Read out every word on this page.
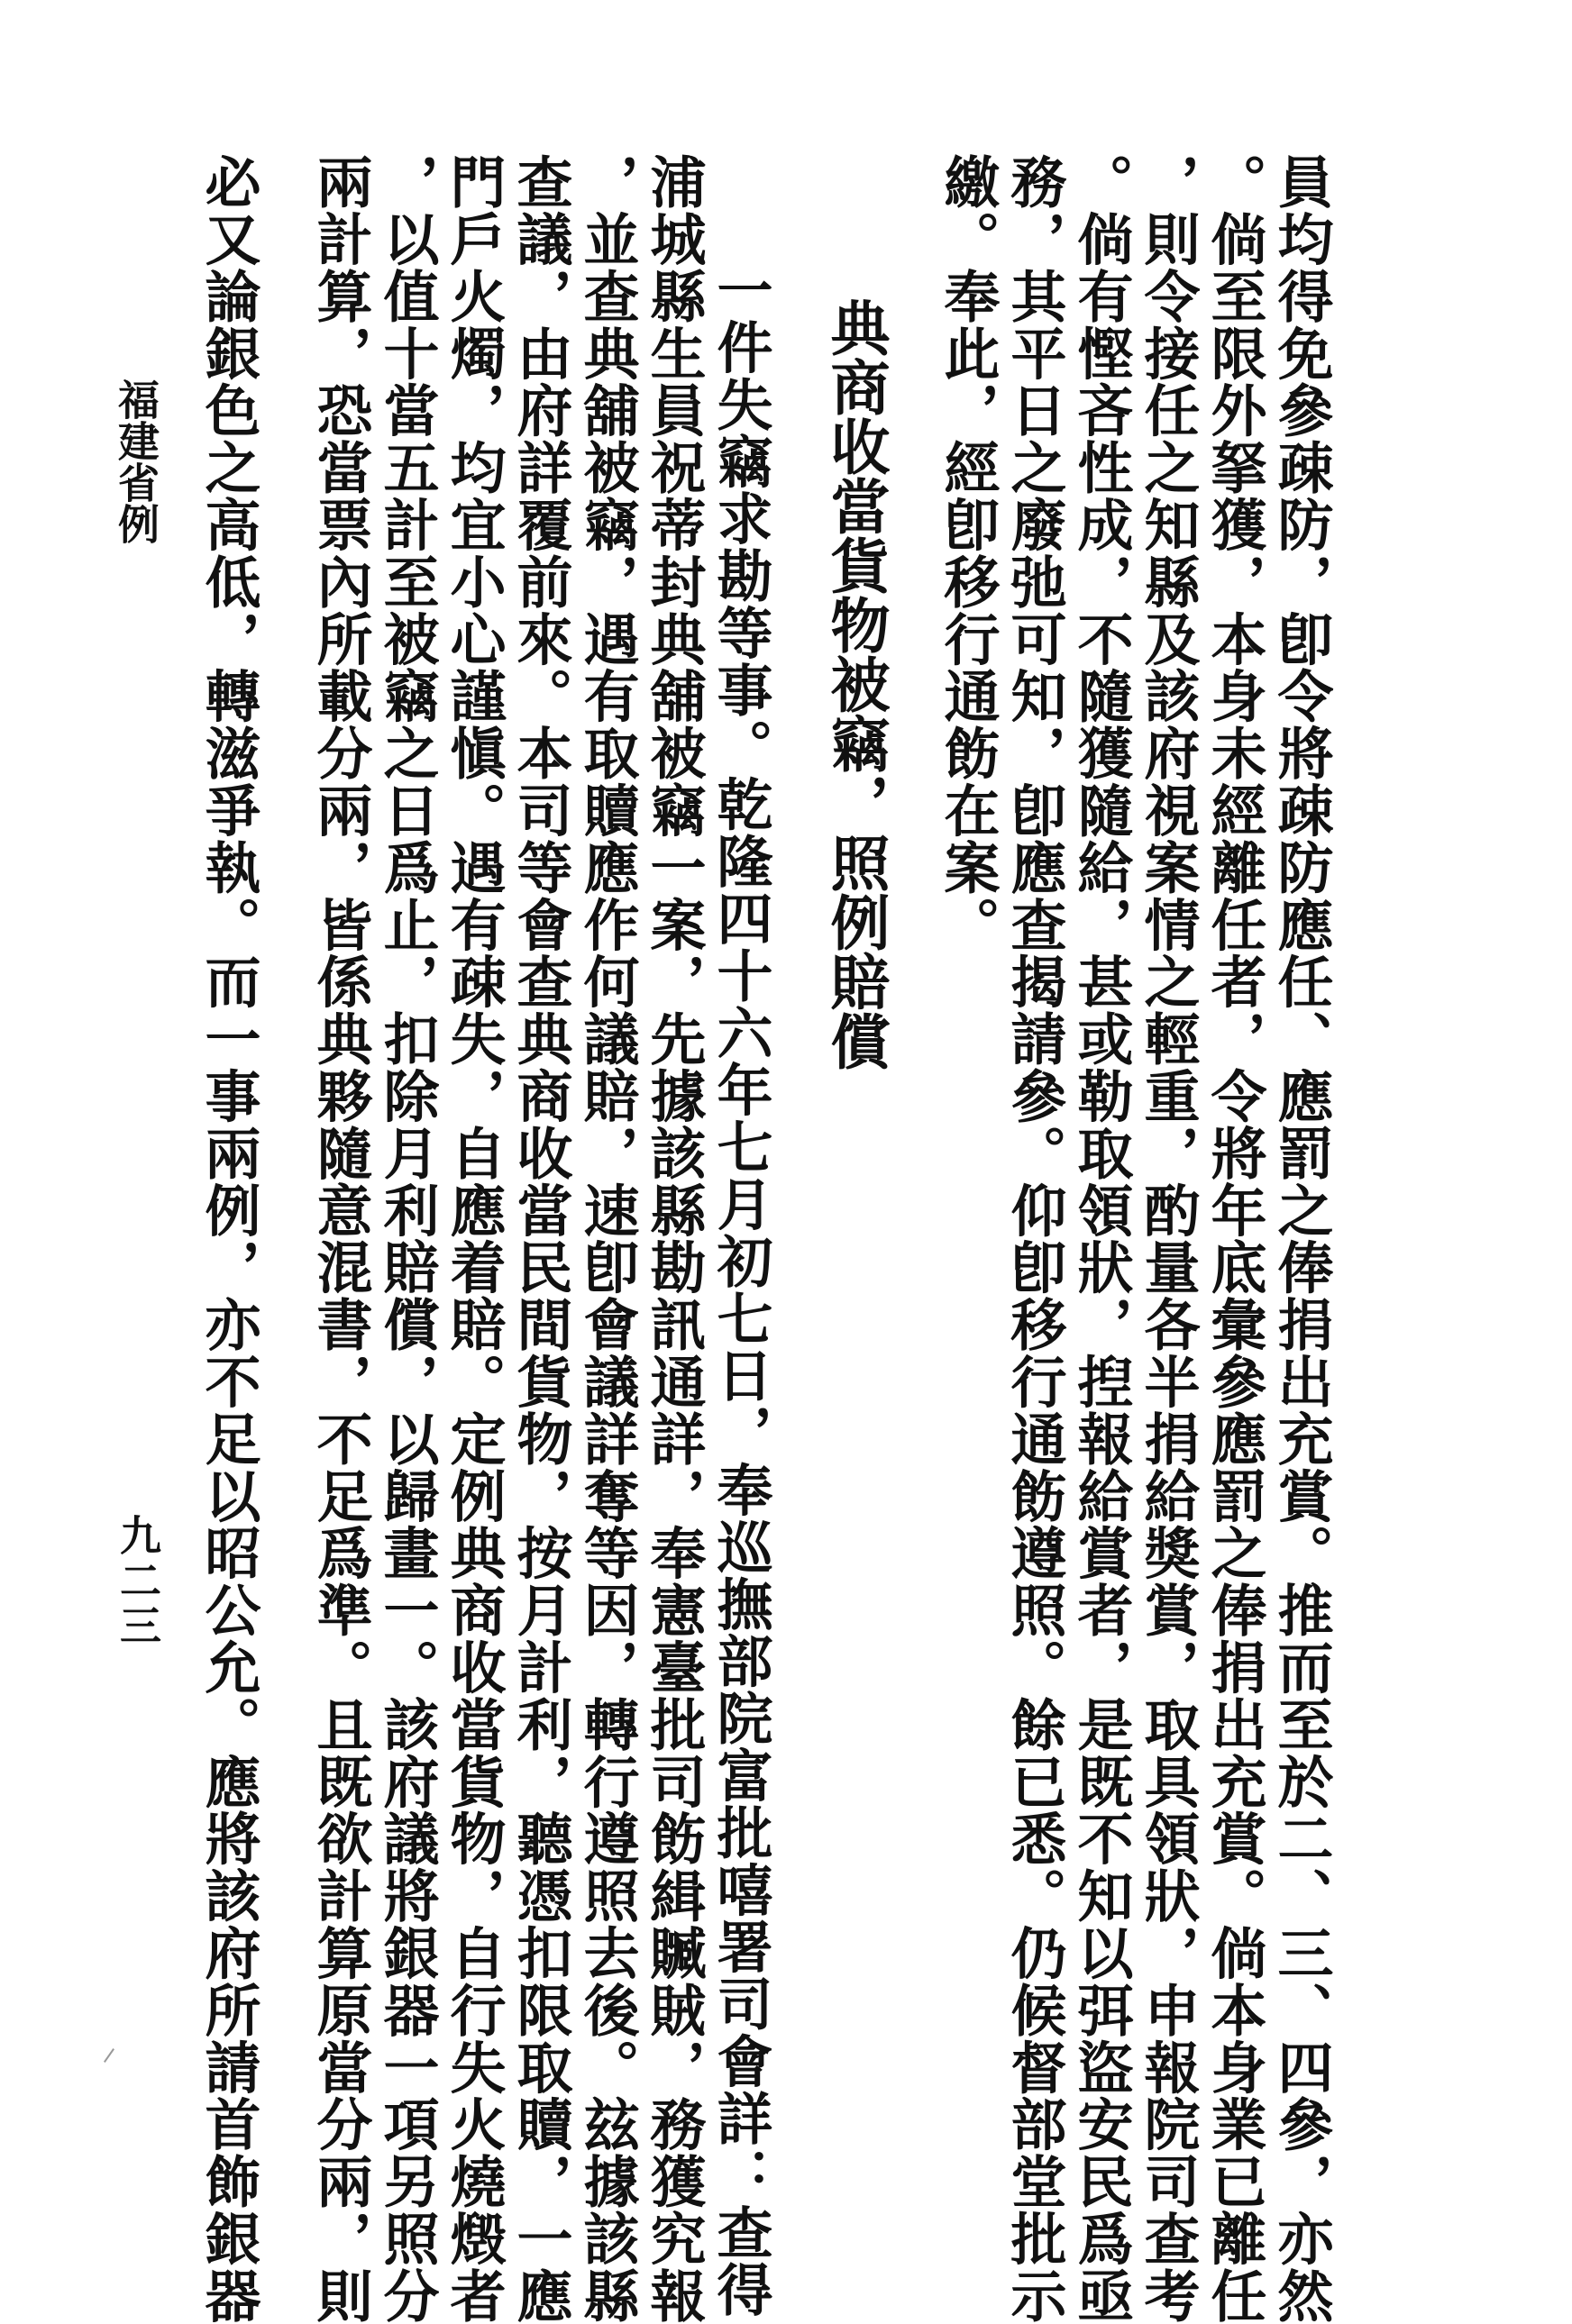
員均得免參疎防，卽令將疎防應任、應罰之俸捐出充賞。推而至於二、三、四參，亦然
。倘至限外拏獲，本身未經離任者，令將年底彙參應罰之俸捐出充賞。倘本身業已離任
，則令接任之知縣及該府視案情之輕重，酌量各半捐給獎賞，取具領狀，申報院司查考
。倘有慳吝性成，不隨獲隨給，甚或勒取領狀，揑報給賞者，是既不知以弭盜安民爲亟
務，其平日之廢弛可知，卽應查揭請參。仰卽移行通飭遵照。餘已悉。仍候督部堂批示
繳。奉此，經卽移行通飭在案。
典商收當貨物被竊，照例賠償
一件失竊求勘等事。乾隆四十六年七月初七日，奉巡撫部院富批嘻署司會詳：查得
浦城縣生員祝蒂封典舖被竊一案，先據該縣勘訊通詳，奉憲臺批司飭緝贓賊，務獲究報
，並查典舖被竊，遇有取贖應作何議賠，速卽會議詳奪等因，轉行遵照去後。玆據該縣
查議，由府詳覆前來。本司等會查典商收當民間貨物，按月計利，聽憑扣限取贖，一應
門戶火燭，均宜小心謹愼。遇有疎失，自應着賠。定例典商收當貨物，自行失火燒燬者
，以值十當五計至被竊之日爲止，扣除月利賠償，以歸畫一。該府議將銀器一項另照分
兩計算，恐當票內所載分兩，皆係典夥隨意混書，不足爲準。且既欲計算原當分兩，則
必又論銀色之高低，轉滋爭執。而一事兩例，亦不足以昭公允。應將該府所請首飾銀器
福建省例
九二三
